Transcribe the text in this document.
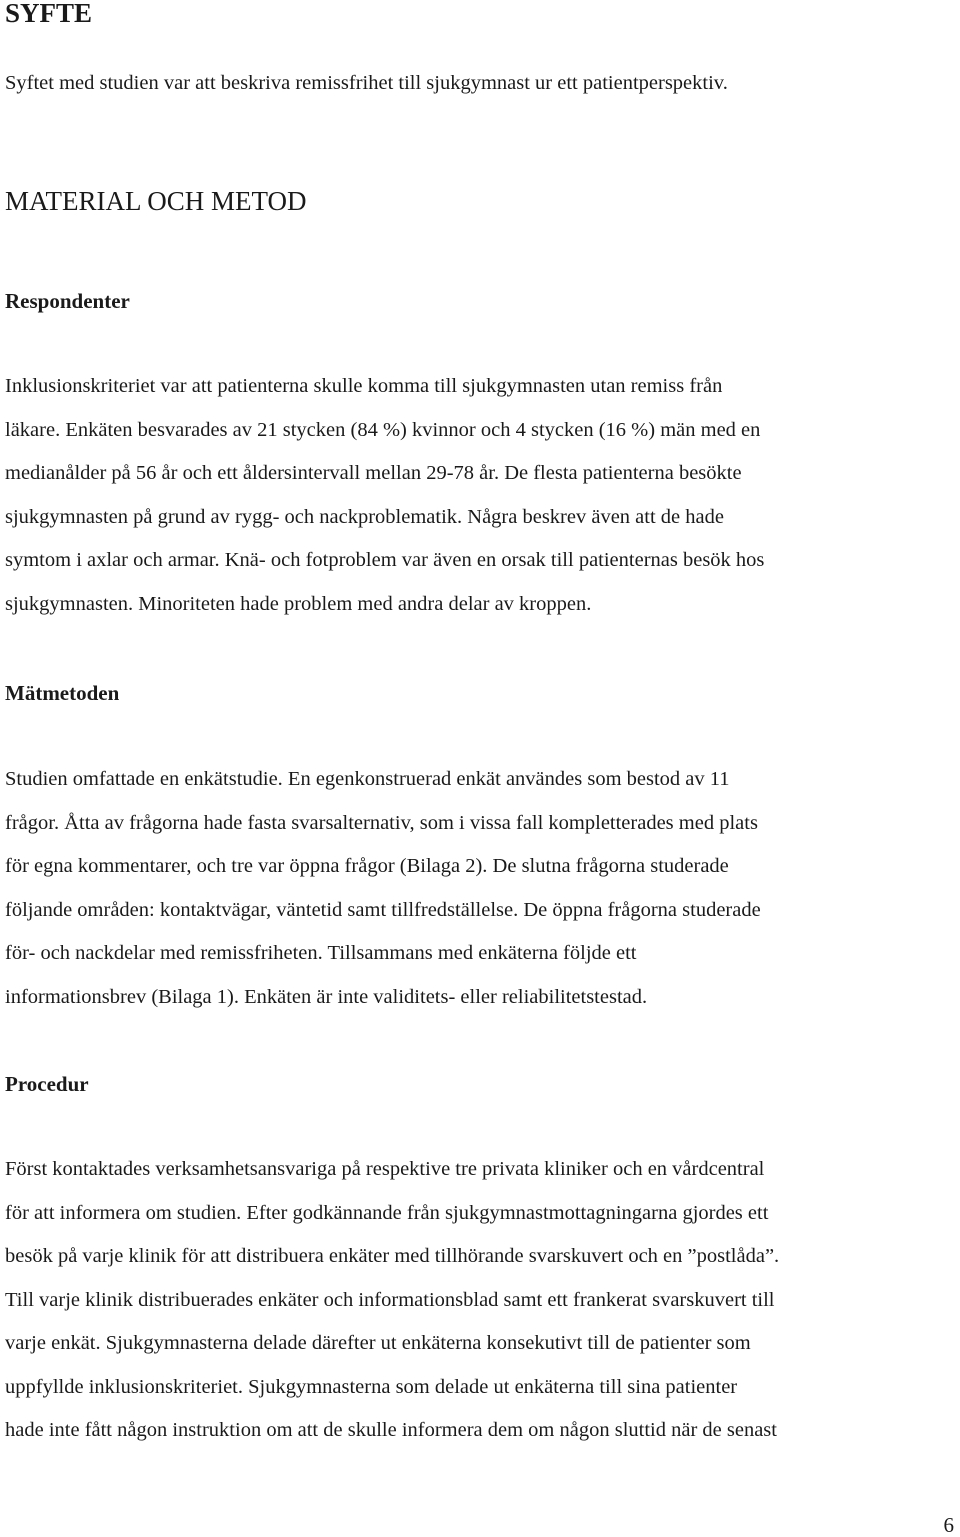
SYFTE
Syftet med studien var att beskriva remissfrihet till sjukgymnast ur ett patientperspektiv.
MATERIAL OCH METOD
Respondenter
Inklusionskriteriet var att patienterna skulle komma till sjukgymnasten utan remiss från
läkare. Enkäten besvarades av 21 stycken (84 %) kvinnor och 4 stycken (16 %) män med en
medianålder på 56 år och ett åldersintervall mellan 29-78 år. De flesta patienterna besökte
sjukgymnasten på grund av rygg- och nackproblematik. Några beskrev även att de hade
symtom i axlar och armar. Knä- och fotproblem var även en orsak till patienternas besök hos
sjukgymnasten. Minoriteten hade problem med andra delar av kroppen.
Mätmetoden
Studien omfattade en enkätstudie. En egenkonstruerad enkät användes som bestod av 11
frågor. Åtta av frågorna hade fasta svarsalternativ, som i vissa fall kompletterades med plats
för egna kommentarer, och tre var öppna frågor (Bilaga 2). De slutna frågorna studerade
följande områden: kontaktvägar, väntetid samt tillfredställelse. De öppna frågorna studerade
för- och nackdelar med remissfriheten. Tillsammans med enkäterna följde ett
informationsbrev (Bilaga 1). Enkäten är inte validitets- eller reliabilitetstestad.
Procedur
Först kontaktades verksamhetsansvariga på respektive tre privata kliniker och en vårdcentral
för att informera om studien. Efter godkännande från sjukgymnastmottagningarna gjordes ett
besök på varje klinik för att distribuera enkäter med tillhörande svarskuvert och en ”postlåda”.
Till varje klinik distribuerades enkäter och informationsblad samt ett frankerat svarskuvert till
varje enkät. Sjukgymnasterna delade därefter ut enkäterna konsekutivt till de patienter som
uppfyllde inklusionskriteriet. Sjukgymnasterna som delade ut enkäterna till sina patienter
hade inte fått någon instruktion om att de skulle informera dem om någon sluttid när de senast
6
